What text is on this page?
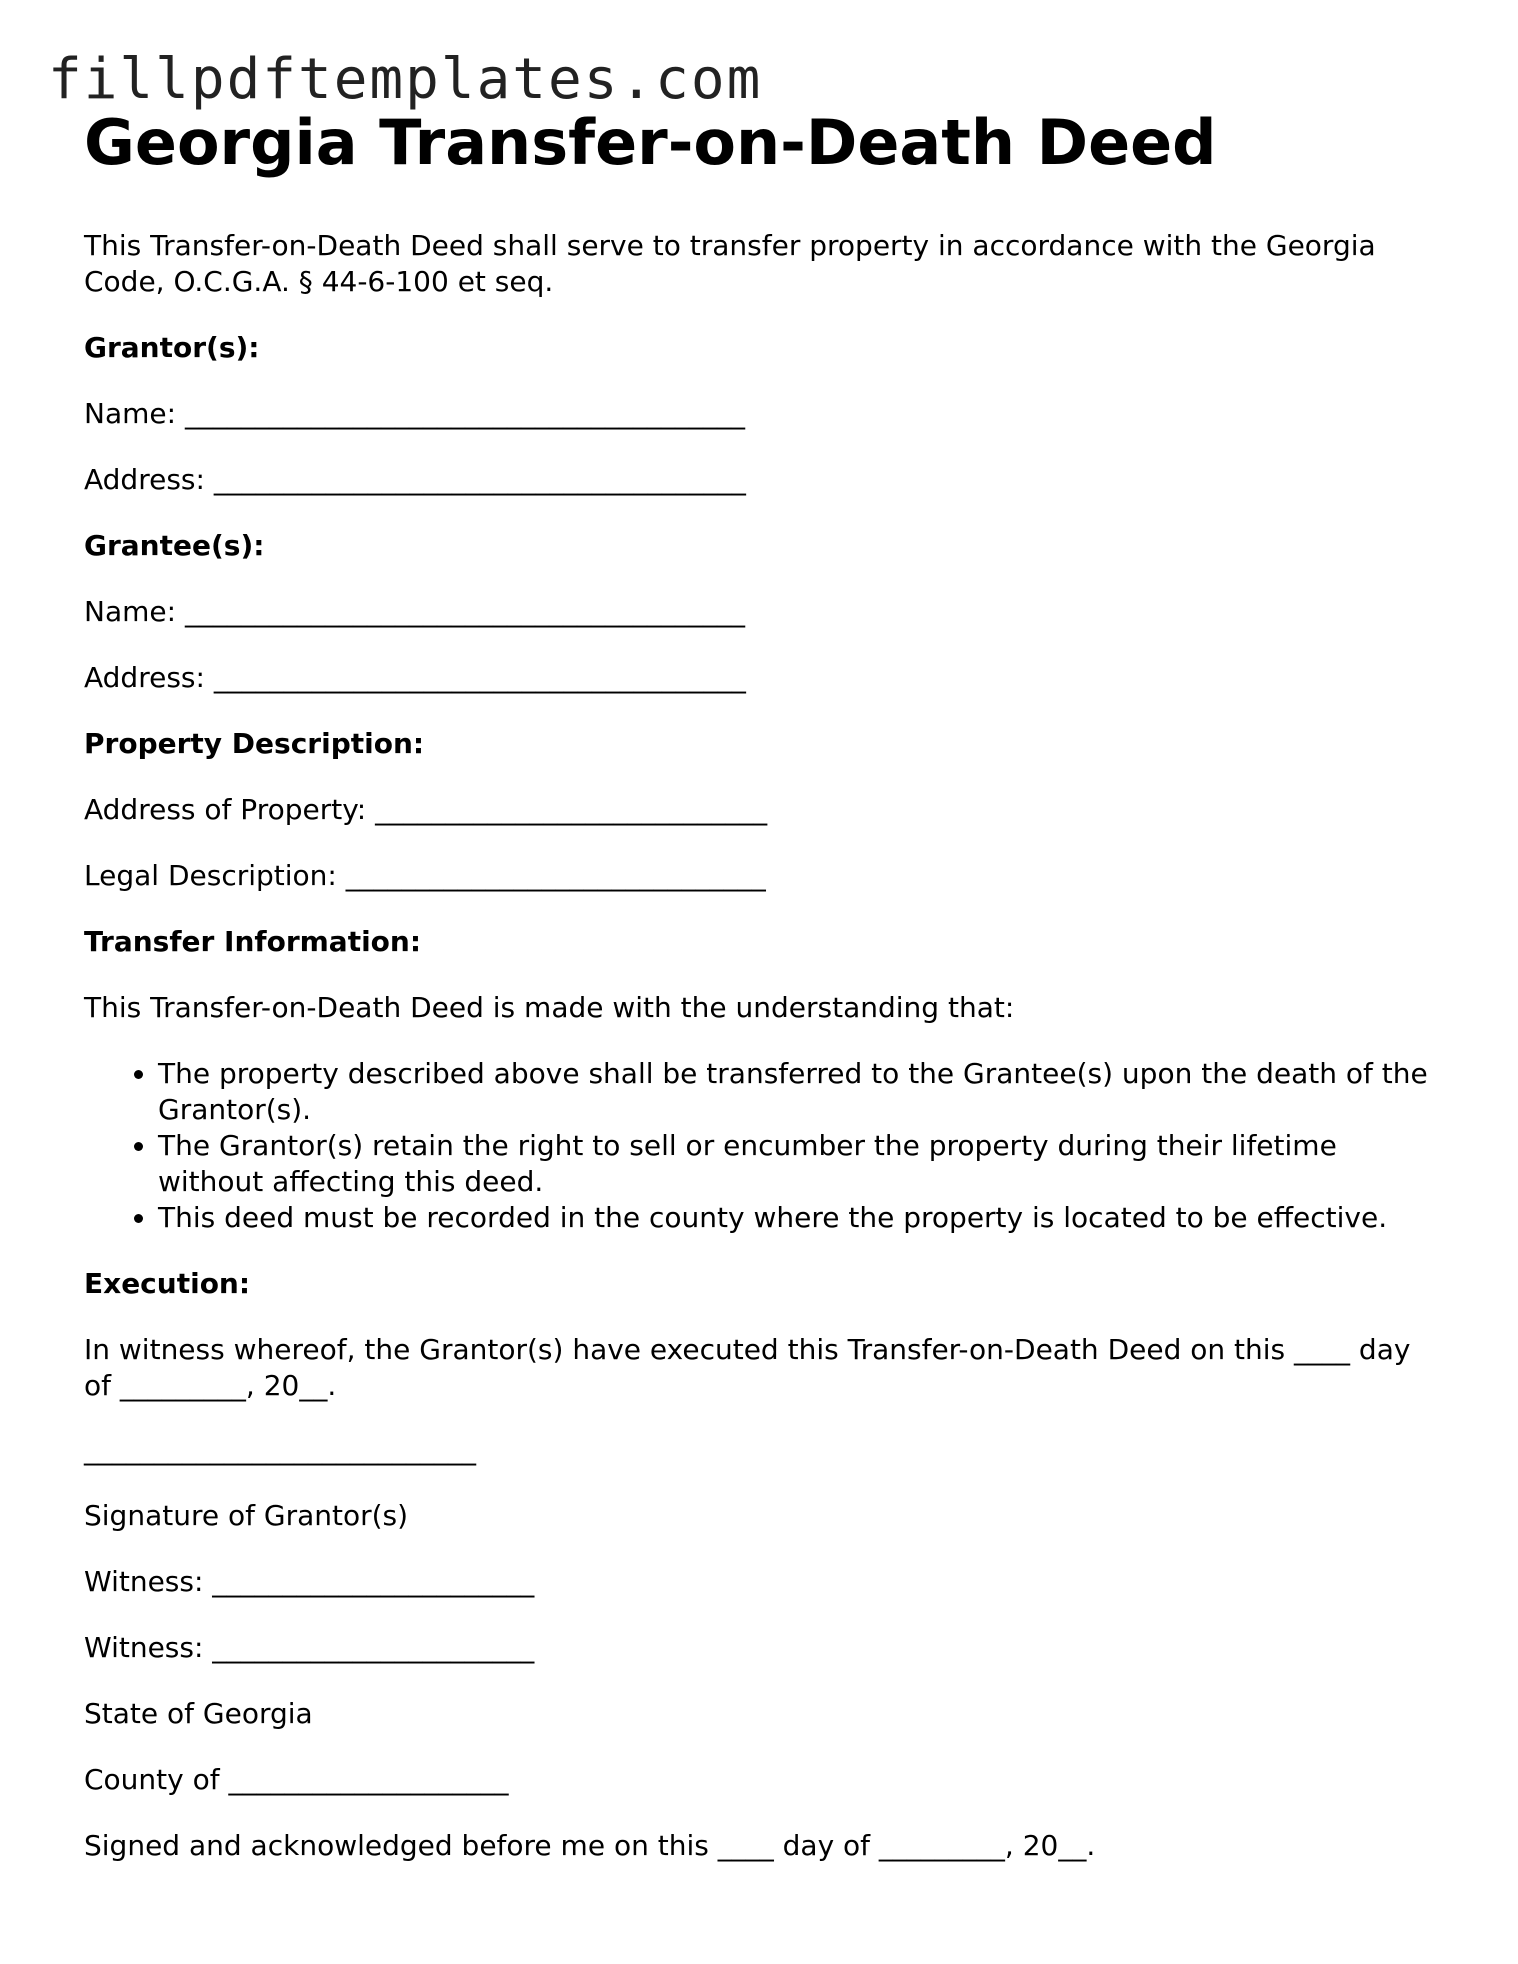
fillpdftemplates.com
Georgia Transfer-on-Death Deed

This Transfer-on-Death Deed shall serve to transfer property in accordance with the Georgia Code, O.C.G.A. § 44-6-100 et seq.

Grantor(s):

Name: ________________________________________

Address: ______________________________________

Grantee(s):

Name: ________________________________________

Address: ______________________________________

Property Description:

Address of Property: ____________________________

Legal Description: ______________________________

Transfer Information:

This Transfer-on-Death Deed is made with the understanding that:

• The property described above shall be transferred to the Grantee(s) upon the death of the Grantor(s).
• The Grantor(s) retain the right to sell or encumber the property during their lifetime without affecting this deed.
• This deed must be recorded in the county where the property is located to be effective.

Execution:

In witness whereof, the Grantor(s) have executed this Transfer-on-Death Deed on this ____ day of _________, 20__.

____________________________

Signature of Grantor(s)

Witness: _______________________

Witness: _______________________

State of Georgia

County of ____________________

Signed and acknowledged before me on this ____ day of _________, 20__.
